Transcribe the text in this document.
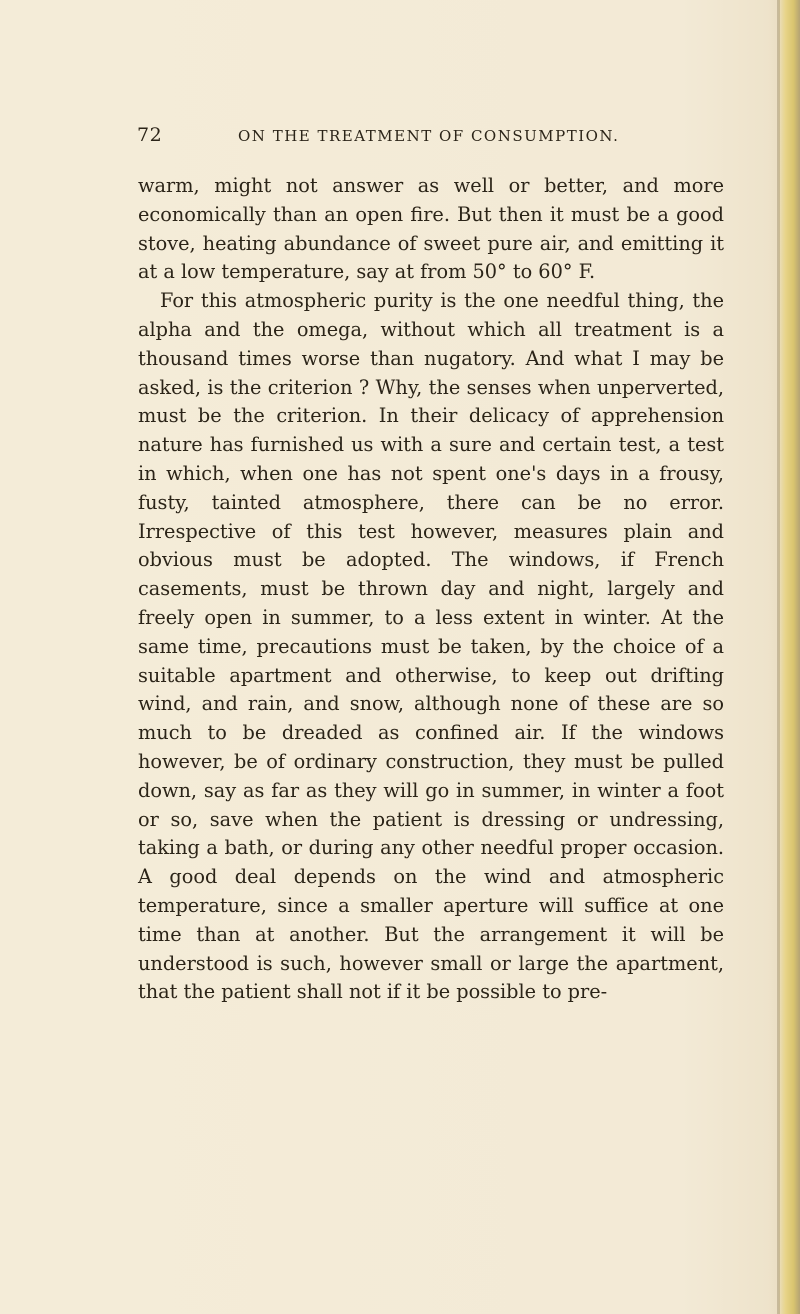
72	ON THE TREATMENT OF CONSUMPTION.

warm, might not answer as well or better, and more economically than an open fire. But then it must be a good stove, heating abundance of sweet pure air, and emitting it at a low temperature, say at from 50° to 60° F.

For this atmospheric purity is the one needful thing, the alpha and the omega, without which all treatment is a thousand times worse than nugatory. And what I may be asked, is the criterion ? Why, the senses when unperverted, must be the criterion. In their delicacy of apprehension nature has furnished us with a sure and certain test, a test in which, when one has not spent one's days in a frousy, fusty, tainted atmosphere, there can be no error. Irrespective of this test however, measures plain and obvious must be adopted. The windows, if French casements, must be thrown day and night, largely and freely open in summer, to a less extent in winter. At the same time, precautions must be taken, by the choice of a suitable apartment and otherwise, to keep out drifting wind, and rain, and snow, although none of these are so much to be dreaded as confined air. If the windows however, be of ordinary construction, they must be pulled down, say as far as they will go in summer, in winter a foot or so, save when the patient is dressing or undressing, taking a bath, or during any other needful proper occasion. A good deal depends on the wind and atmospheric temperature, since a smaller aperture will suffice at one time than at another. But the arrangement it will be understood is such, however small or large the apartment, that the patient shall not if it be possible to pre-
